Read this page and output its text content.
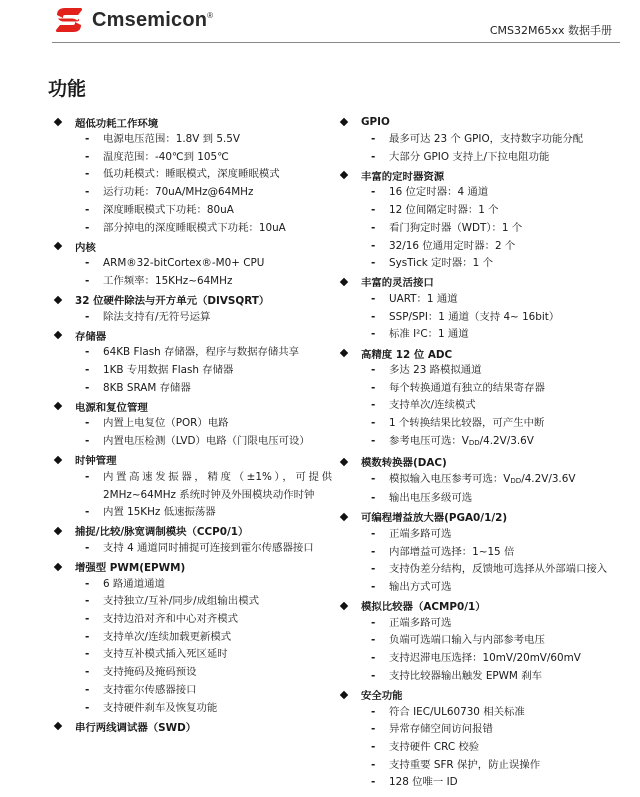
Cmsemicon®
CMS32M65xx 数据手册
功能
超低功耗工作环境
-	电源电压范围：1.8V 到 5.5V
-	温度范围：-40℃到 105℃
-	低功耗模式：睡眠模式，深度睡眠模式
-	运行功耗：70uA/MHz@64MHz
-	深度睡眠模式下功耗：80uA
-	部分掉电的深度睡眠模式下功耗：10uA
内核
-	ARM®32-bitCortex®-M0+ CPU
-	工作频率：15KHz~64MHz
32 位硬件除法与开方单元（DIVSQRT）
-	除法支持有/无符号运算
存储器
-	64KB Flash 存储器，程序与数据存储共享
-	1KB 专用数据 Flash 存储器
-	8KB SRAM 存储器
电源和复位管理
-	内置上电复位（POR）电路
-	内置电压检测（LVD）电路（门限电压可设）
时钟管理
-	内置高速发振器，精度（±1%），可提供 2MHz~64MHz 系统时钟及外围模块动作时钟
-	内置 15KHz 低速振荡器
捕捉/比较/脉宽调制模块（CCP0/1）
-	支持 4 通道同时捕捉可连接到霍尔传感器接口
增强型 PWM(EPWM)
-	6 路通道通道
-	支持独立/互补/同步/成组输出模式
-	支持边沿对齐和中心对齐模式
-	支持单次/连续加载更新模式
-	支持互补模式插入死区延时
-	支持掩码及掩码预设
-	支持霍尔传感器接口
-	支持硬件刹车及恢复功能
串行两线调试器（SWD）
GPIO
-	最多可达 23 个 GPIO，支持数字功能分配
-	大部分 GPIO 支持上/下拉电阻功能
丰富的定时器资源
-	16 位定时器：4 通道
-	12 位间隔定时器：1 个
-	看门狗定时器（WDT）：1 个
-	32/16 位通用定时器：2 个
-	SysTick 定时器：1 个
丰富的灵活接口
-	UART：1 通道
-	SSP/SPI：1 通道（支持 4~ 16bit）
-	标准 I²C：1 通道
高精度 12 位 ADC
-	多达 23 路模拟通道
-	每个转换通道有独立的结果寄存器
-	支持单次/连续模式
-	1 个转换结果比较器，可产生中断
-	参考电压可选：VDD/4.2V/3.6V
模数转换器(DAC)
-	模拟输入电压参考可选：VDD/4.2V/3.6V
-	输出电压多级可选
可编程增益放大器(PGA0/1/2)
-	正端多路可选
-	内部增益可选择：1~15 倍
-	支持伪差分结构，反馈地可选择从外部端口接入
-	输出方式可选
模拟比较器（ACMP0/1）
-	正端多路可选
-	负端可选端口输入与内部参考电压
-	支持迟滞电压选择：10mV/20mV/60mV
-	支持比较器输出触发 EPWM 刹车
安全功能
-	符合 IEC/UL60730 相关标准
-	异常存储空间访问报错
-	支持硬件 CRC 校验
-	支持重要 SFR 保护，防止误操作
-	128 位唯一 ID
